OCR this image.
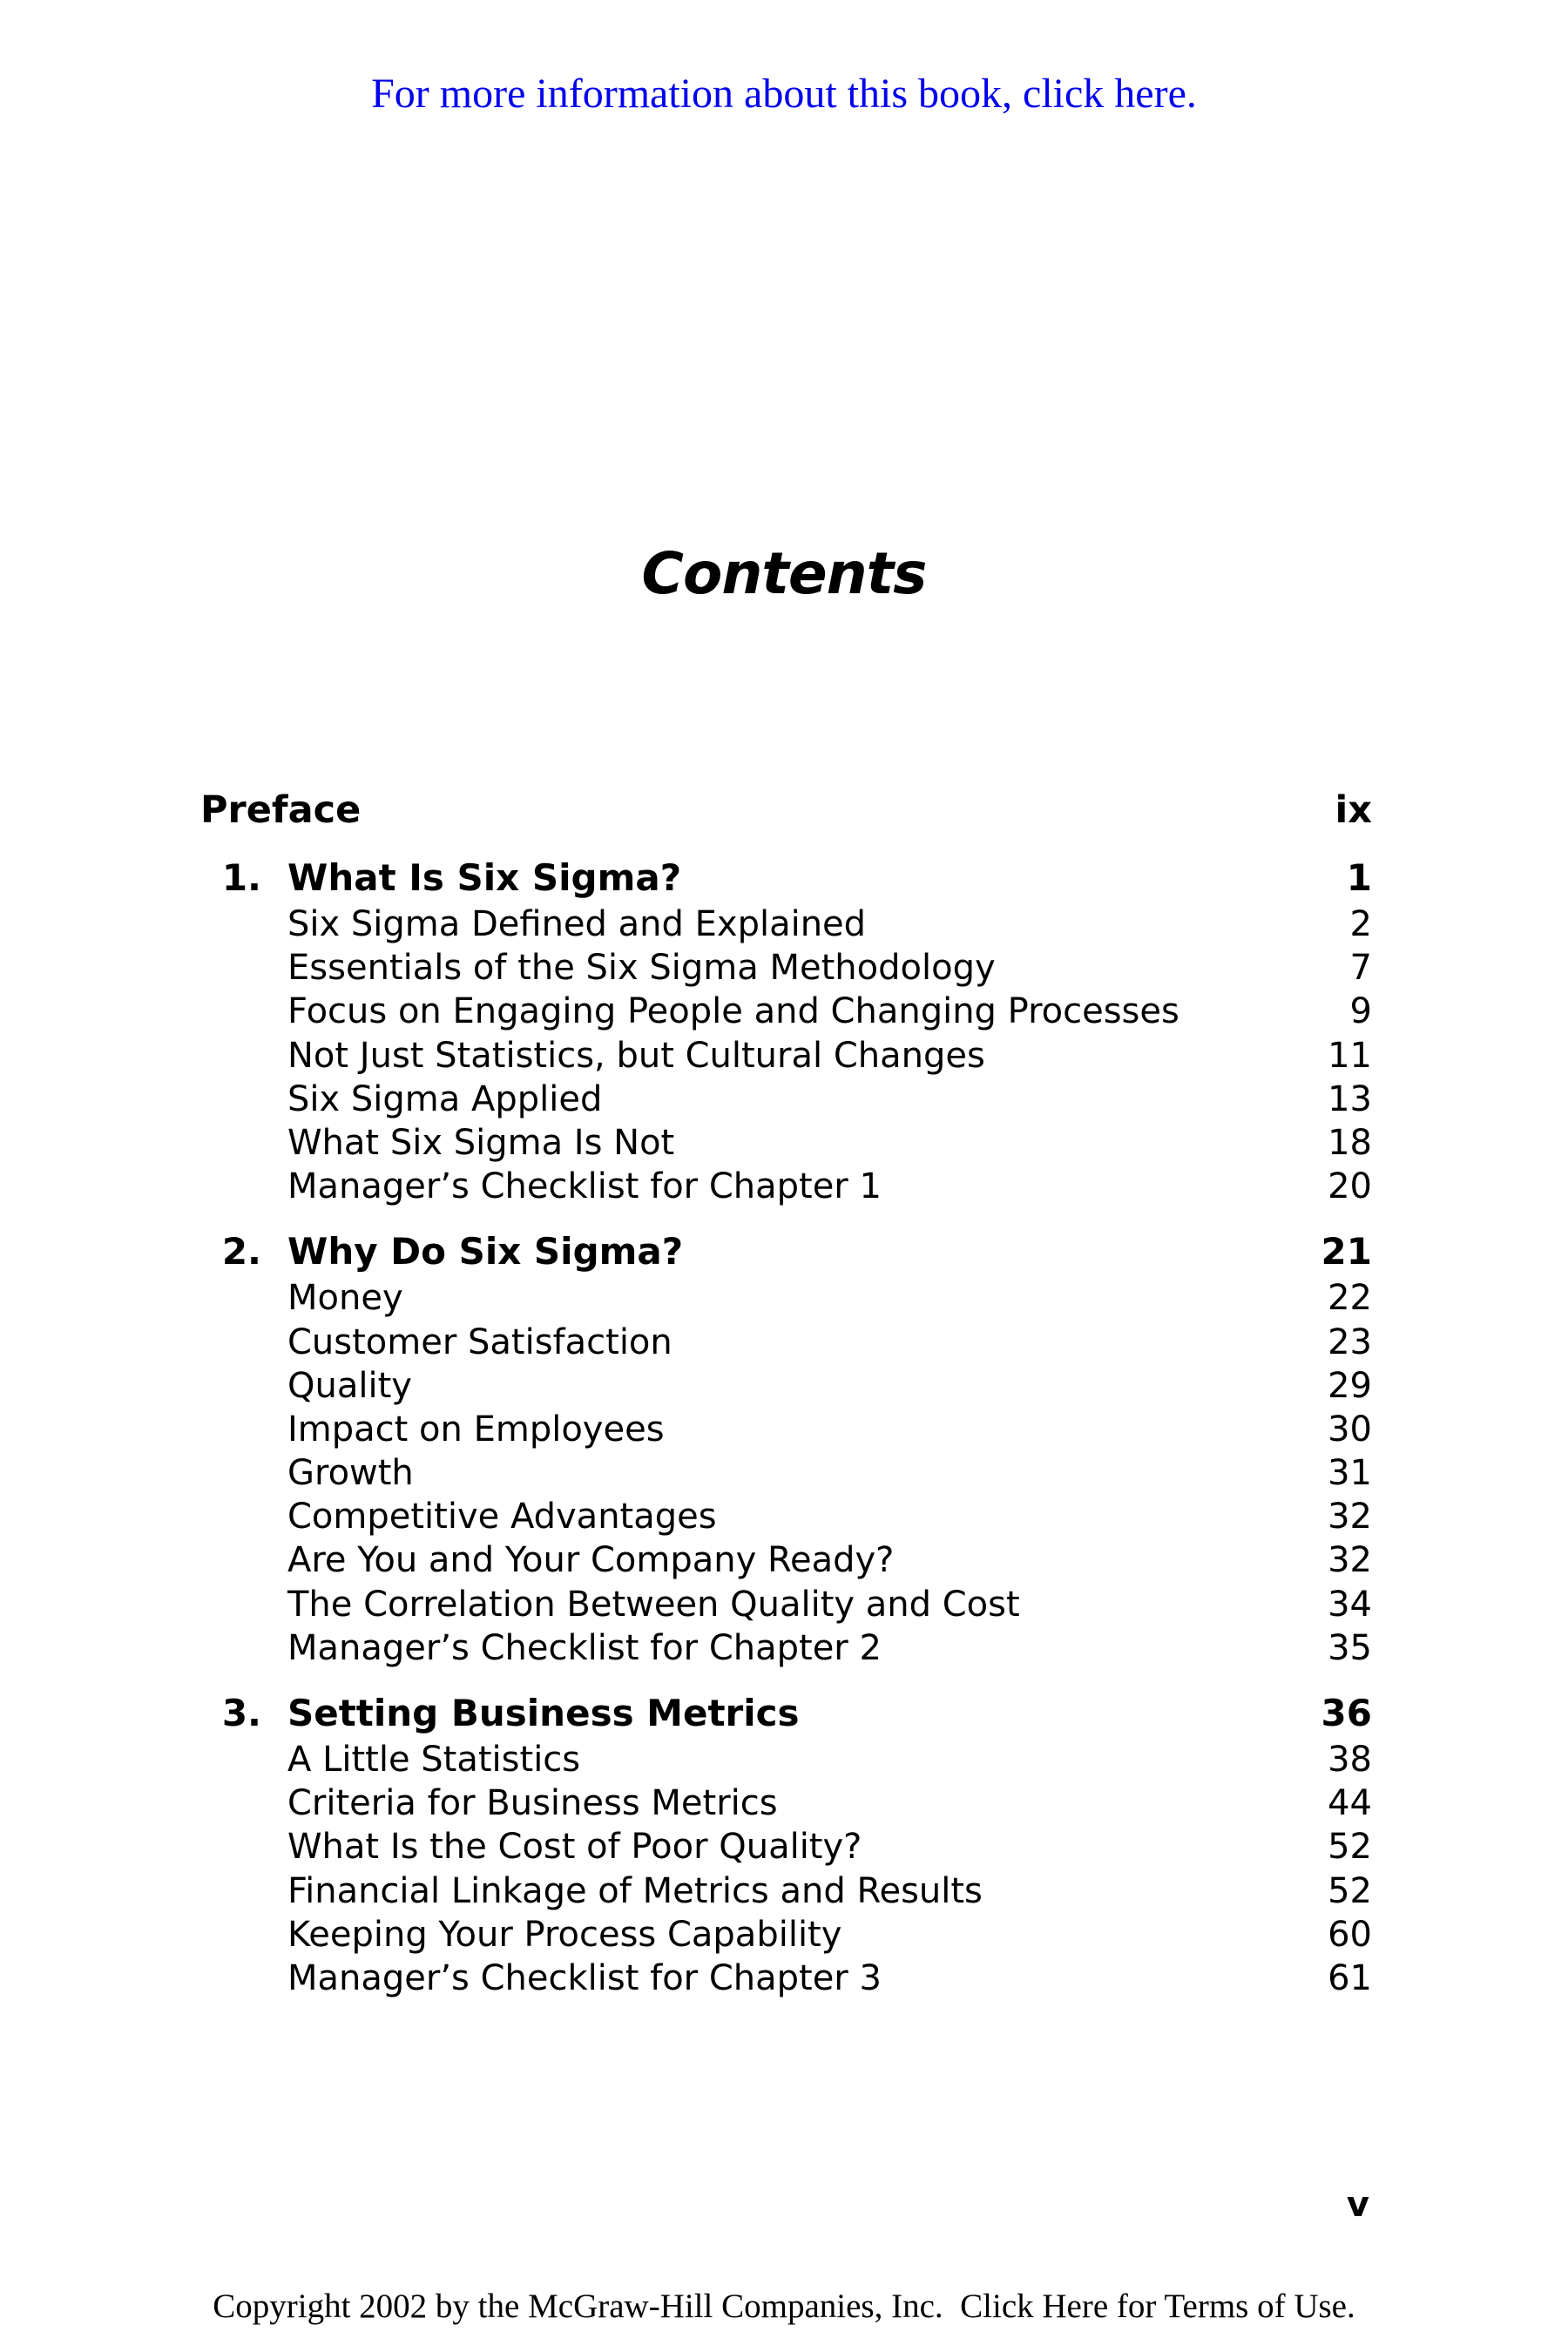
For more information about this book, click here.
Contents
Preface	ix
1. What Is Six Sigma?	1
Six Sigma Defined and Explained	2
Essentials of the Six Sigma Methodology	7
Focus on Engaging People and Changing Processes	9
Not Just Statistics, but Cultural Changes	11
Six Sigma Applied	13
What Six Sigma Is Not	18
Manager’s Checklist for Chapter 1	20
2. Why Do Six Sigma?	21
Money	22
Customer Satisfaction	23
Quality	29
Impact on Employees	30
Growth	31
Competitive Advantages	32
Are You and Your Company Ready?	32
The Correlation Between Quality and Cost	34
Manager’s Checklist for Chapter 2	35
3. Setting Business Metrics	36
A Little Statistics	38
Criteria for Business Metrics	44
What Is the Cost of Poor Quality?	52
Financial Linkage of Metrics and Results	52
Keeping Your Process Capability	60
Manager’s Checklist for Chapter 3	61
v
Copyright 2002 by the McGraw-Hill Companies, Inc. Click Here for Terms of Use.
